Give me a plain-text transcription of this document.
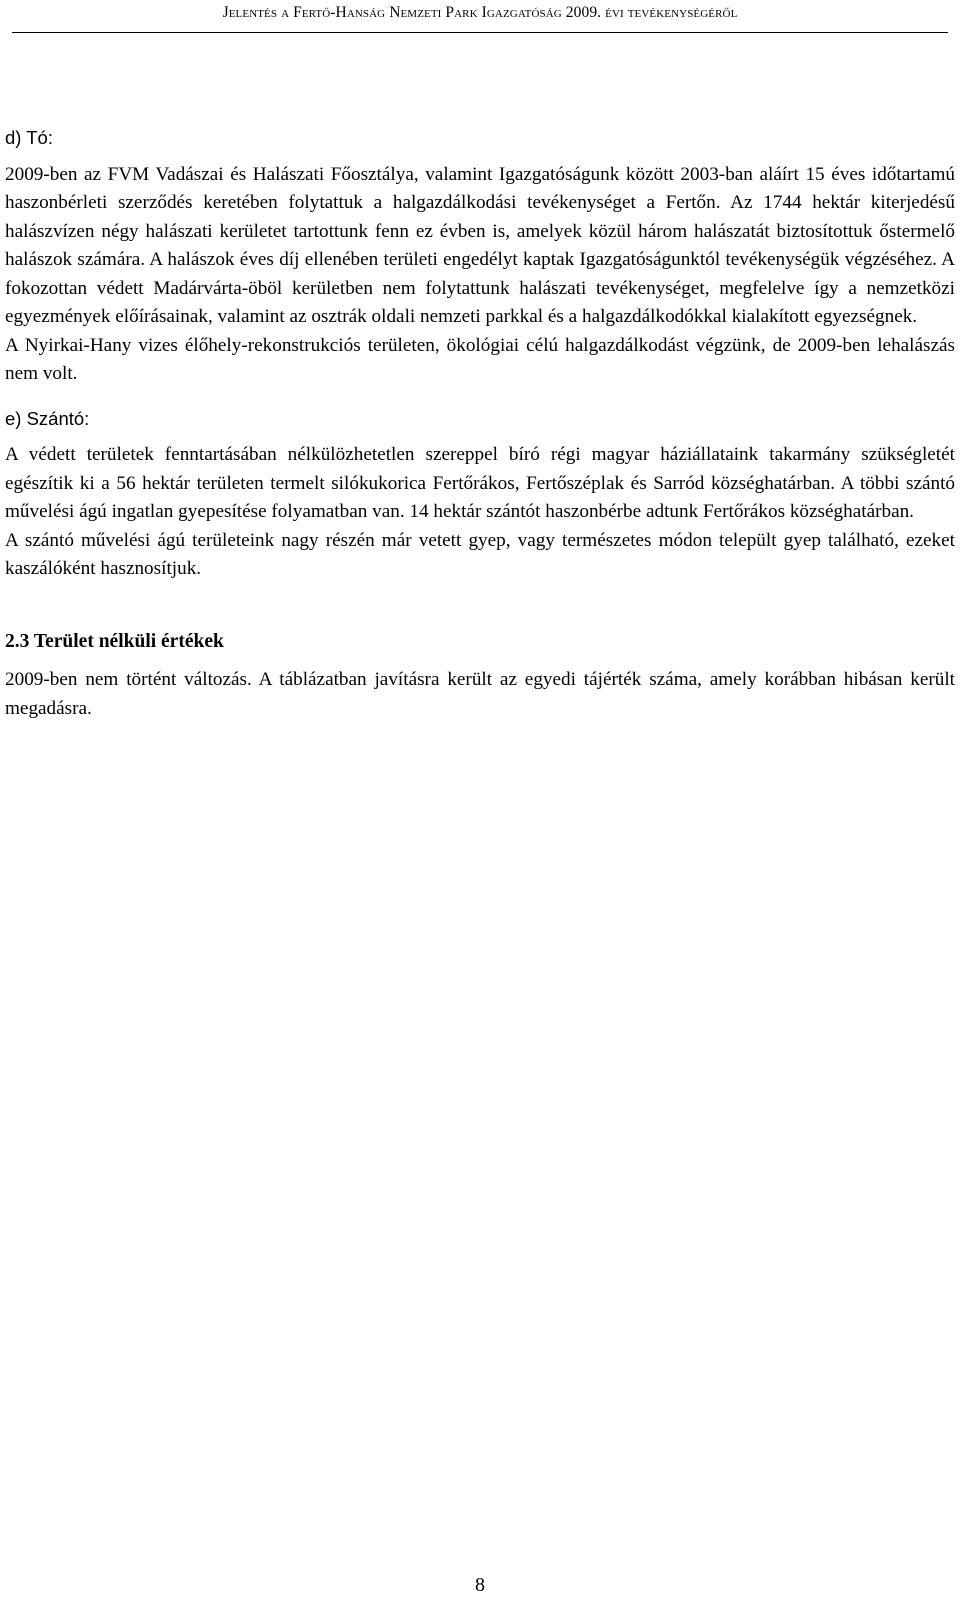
Jelentés a Fertő-Hanság Nemzeti Park Igazgatóság 2009. évi tevékenységéről

d) Tó:

2009-ben az FVM Vadászai és Halászati Főosztálya, valamint Igazgatóságunk között 2003-ban aláírt 15 éves időtartamú haszonbérleti szerződés keretében folytattuk a halgazdálkodási tevékenységet a Fertőn. Az 1744 hektár kiterjedésű halászvízen négy halászati kerületet tartottunk fenn ez évben is, amelyek közül három halászatát biztosítottuk őstermelő halászok számára. A halászok éves díj ellenében területi engedélyt kaptak Igazgatóságunktól tevékenységük végzéséhez. A fokozottan védett Madárvárta-öböl kerületben nem folytattunk halászati tevékenységet, megfelelve így a nemzetközi egyezmények előírásainak, valamint az osztrák oldali nemzeti parkkal és a halgazdálkodókkal kialakított egyezségnek.

A Nyirkai-Hany vizes élőhely-rekonstrukciós területen, ökológiai célú halgazdálkodást végzünk, de 2009-ben lehalászás nem volt.

e) Szántó:

A védett területek fenntartásában nélkülözhetetlen szereppel bíró régi magyar háziállataink takarmány szükségletét egészítik ki a 56 hektár területen termelt silókukorica Fertőrákos, Fertőszéplak és Sarród községhatárban. A többi szántó művelési ágú ingatlan gyepesítése folyamatban van. 14 hektár szántót haszonbérbe adtunk Fertőrákos községhatárban.

A szántó művelési ágú területeink nagy részén már vetett gyep, vagy természetes módon települt gyep található, ezeket kaszálóként hasznosítjuk.

2.3 Terület nélküli értékek

2009-ben nem történt változás. A táblázatban javításra került az egyedi tájérték száma, amely korábban hibásan került megadásra.

8
